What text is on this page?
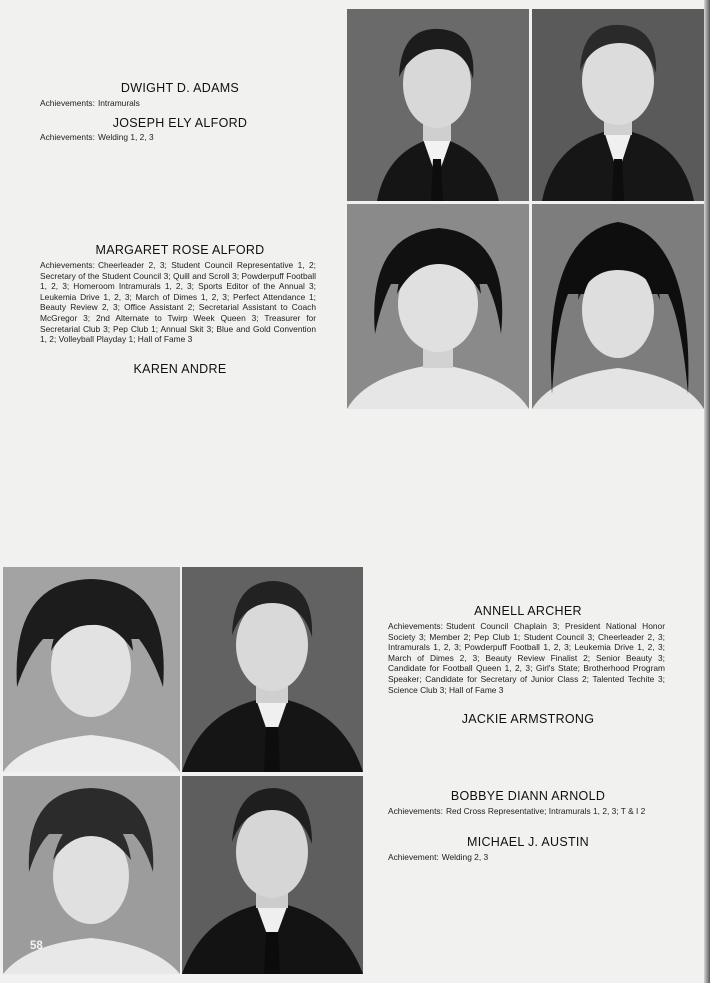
DWIGHT D. ADAMS
Achievements: Intramurals
JOSEPH ELY ALFORD
Achievements: Welding 1, 2, 3
MARGARET ROSE ALFORD
Achievements: Cheerleader 2, 3; Student Council Representative 1, 2; Secretary of the Student Council 3; Quill and Scroll 3; Powderpuff Football 1, 2, 3; Homeroom Intramurals 1, 2, 3; Sports Editor of the Annual 3; Leukemia Drive 1, 2, 3; March of Dimes 1, 2, 3; Perfect Attendance 1; Beauty Review 2, 3; Office Assistant 2; Secretarial Assistant to Coach McGregor 3; 2nd Alternate to Twirp Week Queen 3; Treasurer for Secretarial Club 3; Pep Club 1; Annual Skit 3; Blue and Gold Convention 1, 2; Volleyball Playday 1; Hall of Fame 3
KAREN ANDRE
58
ANNELL ARCHER
Achievements: Student Council Chaplain 3; President National Honor Society 3; Member 2; Pep Club 1; Student Council 3; Cheerleader 2, 3; Intramurals 1, 2, 3; Powderpuff Football 1, 2, 3; Leukemia Drive 1, 2, 3; March of Dimes 2, 3; Beauty Review Finalist 2; Senior Beauty 3; Candidate for Football Queen 1, 2, 3; Girl's State; Brotherhood Program Speaker; Candidate for Secretary of Junior Class 2; Talented Techite 3; Science Club 3; Hall of Fame 3
JACKIE ARMSTRONG
BOBBYE DIANN ARNOLD
Achievements: Red Cross Representative; Intramurals 1, 2, 3; T & I 2
MICHAEL J. AUSTIN
Achievement: Welding 2, 3
